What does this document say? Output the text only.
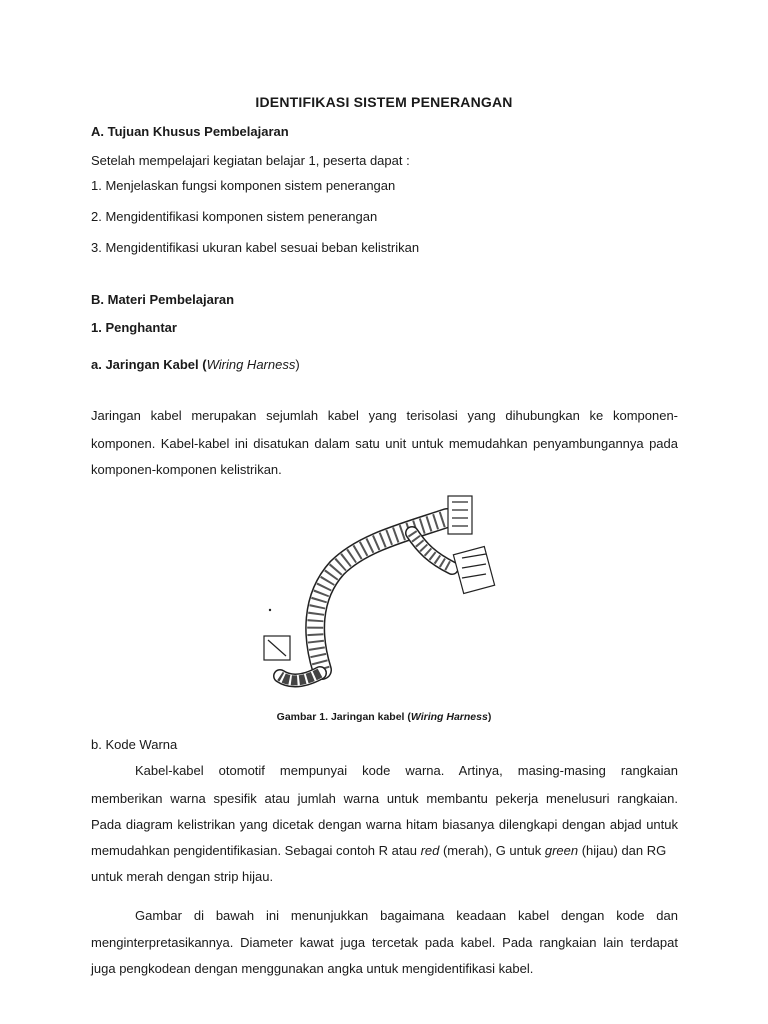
IDENTIFIKASI SISTEM PENERANGAN
A. Tujuan Khusus Pembelajaran
Setelah mempelajari kegiatan belajar 1, peserta dapat :
1. Menjelaskan fungsi komponen sistem penerangan
2. Mengidentifikasi komponen sistem penerangan
3. Mengidentifikasi ukuran kabel sesuai beban kelistrikan
B. Materi Pembelajaran
1. Penghantar
a. Jaringan Kabel (Wiring Harness)
Jaringan kabel merupakan sejumlah kabel yang terisolasi yang dihubungkan ke komponen-
komponen. Kabel-kabel ini disatukan dalam satu unit untuk memudahkan penyambungannya pada
komponen-komponen kelistrikan.
Gambar 1. Jaringan kabel (Wiring Harness)
b. Kode Warna
Kabel-kabel otomotif mempunyai kode warna. Artinya, masing-masing rangkaian
memberikan warna spesifik atau jumlah warna untuk membantu pekerja menelusuri rangkaian.
Pada diagram kelistrikan yang dicetak dengan warna hitam biasanya dilengkapi dengan abjad untuk
memudahkan pengidentifikasian. Sebagai contoh R atau red (merah), G untuk green (hijau) dan RG
untuk merah dengan strip hijau.
Gambar di bawah ini menunjukkan bagaimana keadaan kabel dengan kode dan
menginterpretasikannya. Diameter kawat juga tercetak pada kabel. Pada rangkaian lain terdapat
juga pengkodean dengan menggunakan angka untuk mengidentifikasi kabel.
